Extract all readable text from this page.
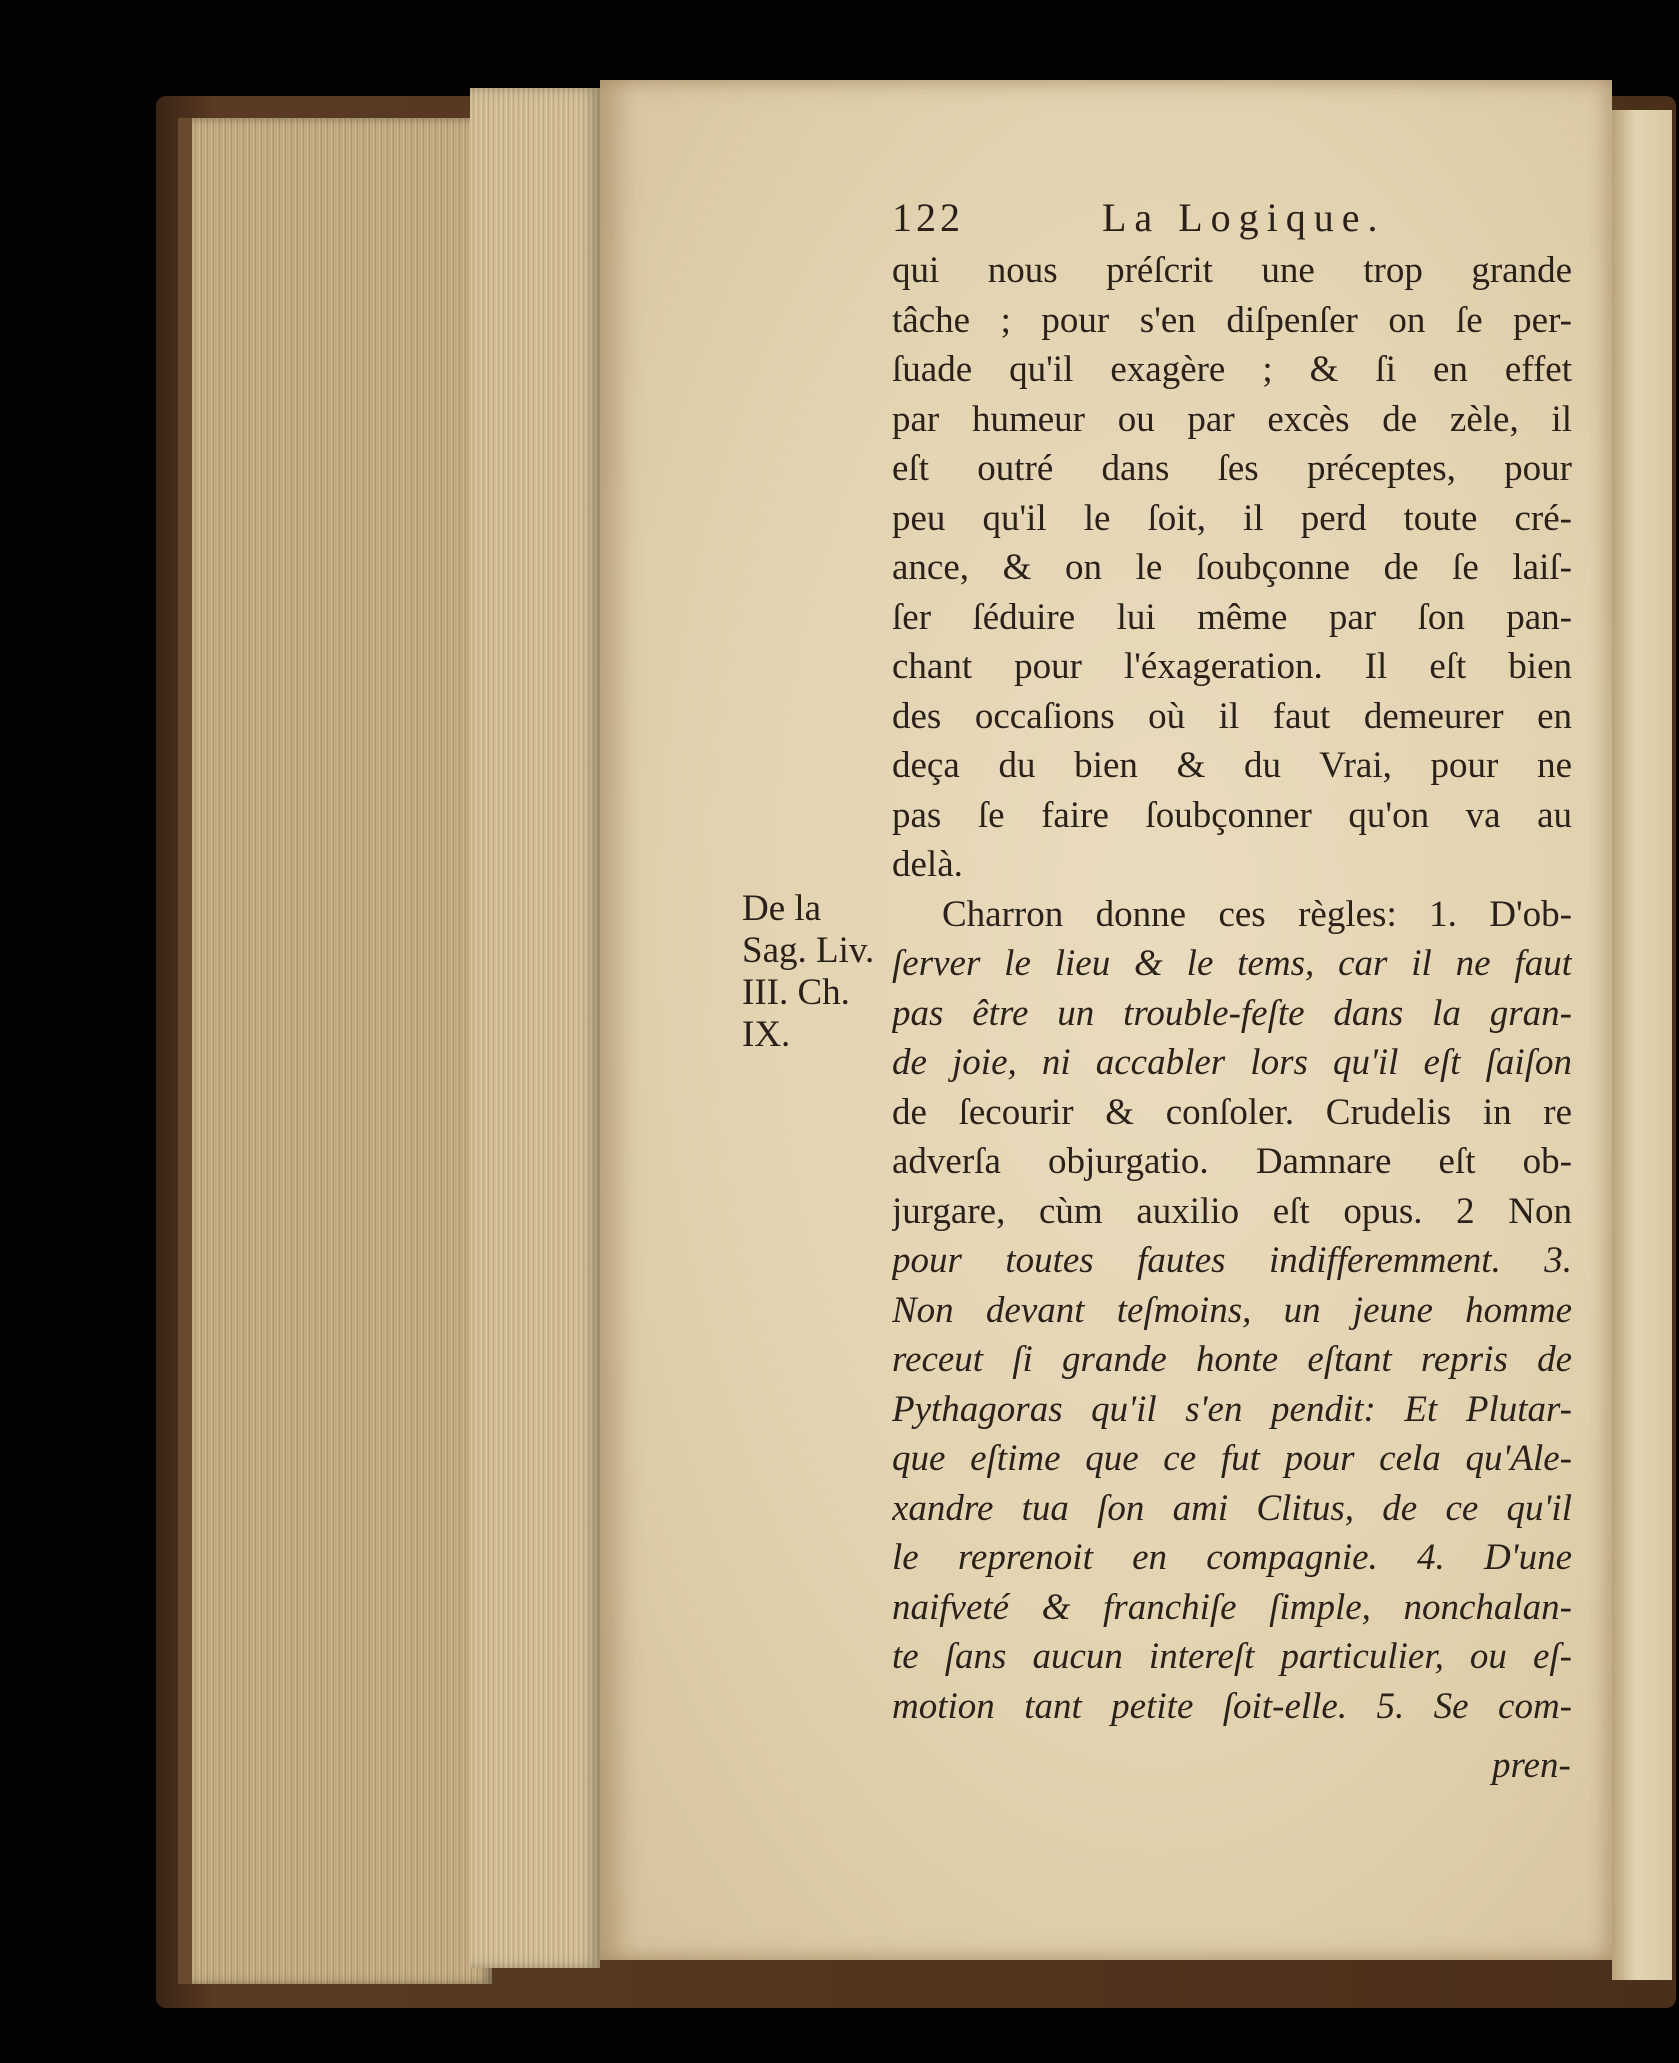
De la
Sag. Liv.
III. Ch.
IX.
122	La Logique.
qui nous préſcrit une trop grande
tâche ; pour s'en diſpenſer on ſe per-
ſuade qu'il exagère ; & ſi en effet
par humeur ou par excès de zèle, il
eſt outré dans ſes préceptes, pour
peu qu'il le ſoit, il perd toute cré-
ance, & on le ſoubçonne de ſe laiſ-
ſer ſéduire lui même par ſon pan-
chant pour l'éxageration. Il eſt bien
des occaſions où il faut demeurer en
deça du bien & du Vrai, pour ne
pas ſe faire ſoubçonner qu'on va au
delà.
Charron donne ces règles: 1. D'ob-
ſerver le lieu & le tems, car il ne faut
pas être un trouble-feſte dans la gran-
de joie, ni accabler lors qu'il eſt ſaiſon
de ſecourir & conſoler. Crudelis in re
adverſa objurgatio. Damnare eſt ob-
jurgare, cùm auxilio eſt opus. 2 Non
pour toutes fautes indifferemment. 3.
Non devant teſmoins, un jeune homme
receut ſi grande honte eſtant repris de
Pythagoras qu'il s'en pendit: Et Plutar-
que eſtime que ce fut pour cela qu'Ale-
xandre tua ſon ami Clitus, de ce qu'il
le reprenoit en compagnie. 4. D'une
naifveté & franchiſe ſimple, nonchalan-
te ſans aucun intereſt particulier, ou eſ-
motion tant petite ſoit-elle. 5. Se com-
pren-
